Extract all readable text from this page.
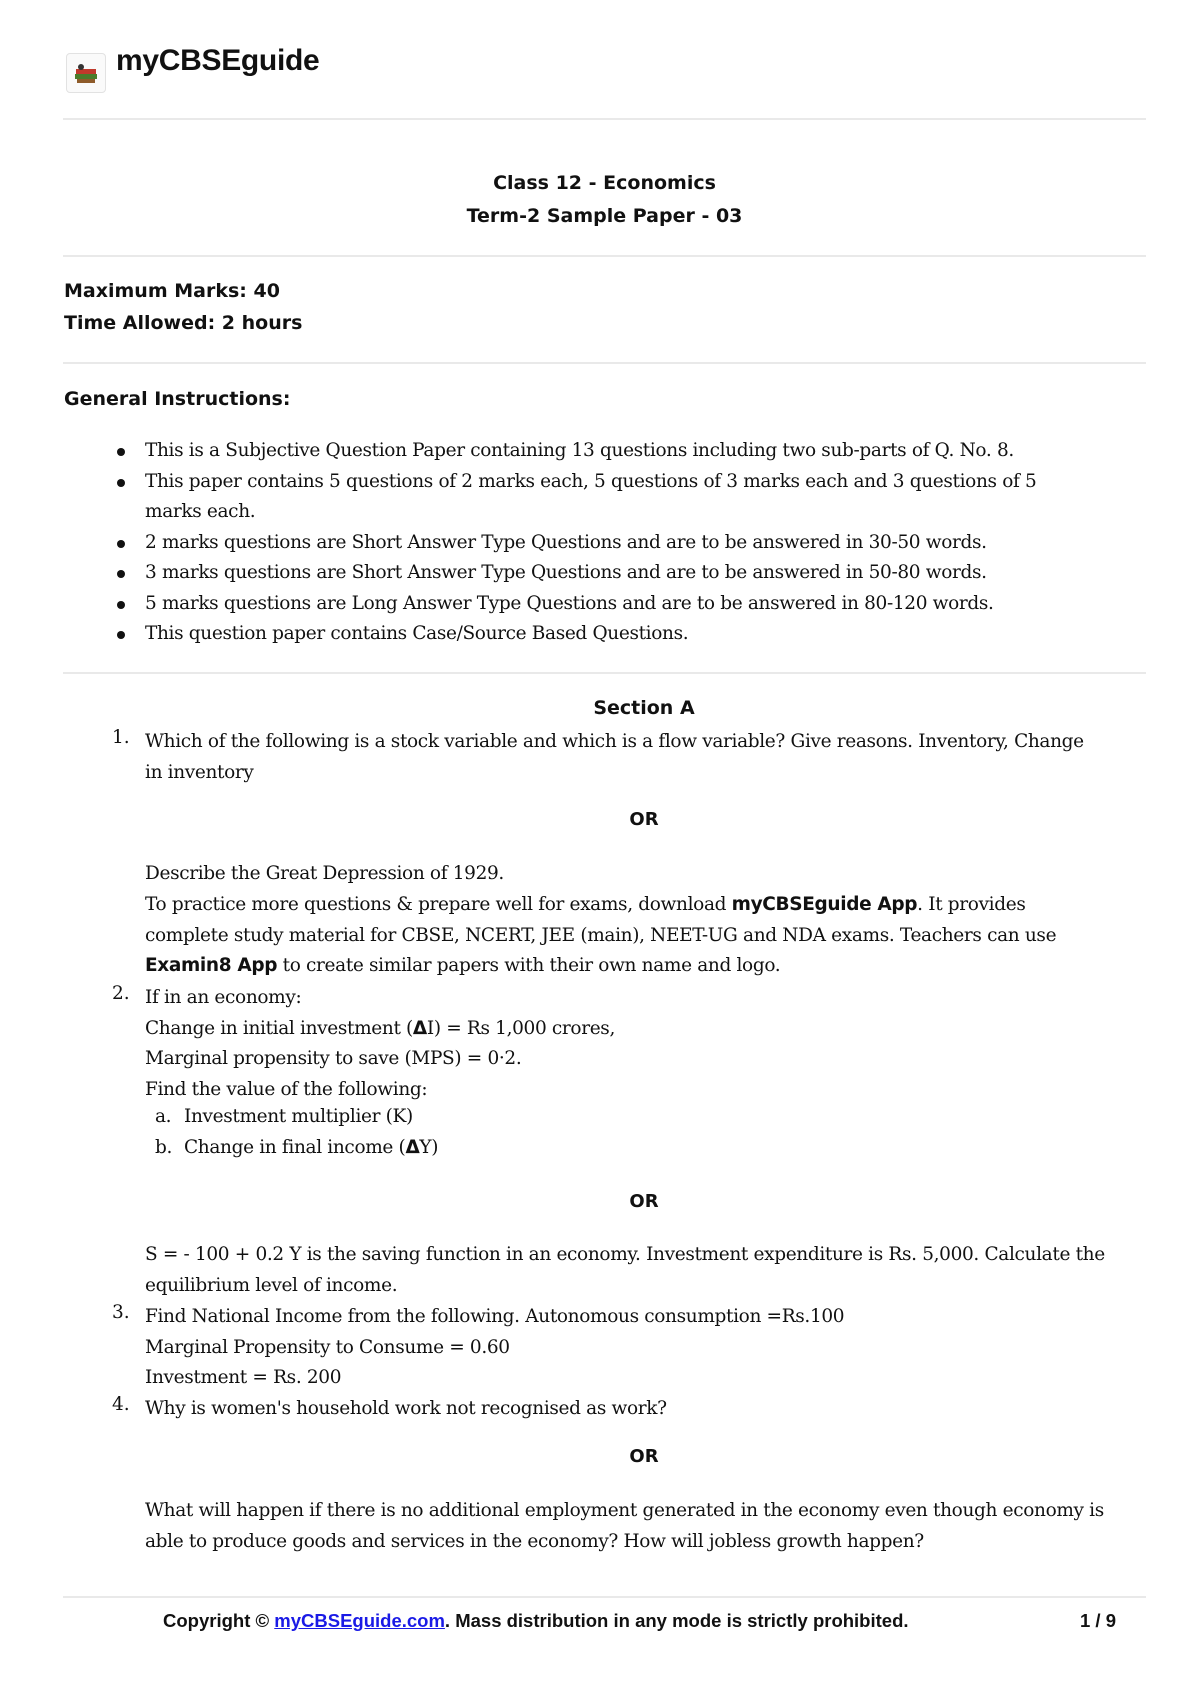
myCBSEguide
Class 12 - Economics
Term-2 Sample Paper - 03
Maximum Marks: 40
Time Allowed: 2 hours
General Instructions:
This is a Subjective Question Paper containing 13 questions including two sub-parts of Q. No. 8.
This paper contains 5 questions of 2 marks each, 5 questions of 3 marks each and 3 questions of 5 marks each.
2 marks questions are Short Answer Type Questions and are to be answered in 30-50 words.
3 marks questions are Short Answer Type Questions and are to be answered in 50-80 words.
5 marks questions are Long Answer Type Questions and are to be answered in 80-120 words.
This question paper contains Case/Source Based Questions.
Section A
1. Which of the following is a stock variable and which is a flow variable? Give reasons. Inventory, Change in inventory
OR
Describe the Great Depression of 1929.
To practice more questions & prepare well for exams, download myCBSEguide App. It provides complete study material for CBSE, NCERT, JEE (main), NEET-UG and NDA exams. Teachers can use Examin8 App to create similar papers with their own name and logo.
2. If in an economy:
Change in initial investment (ΔI) = Rs 1,000 crores,
Marginal propensity to save (MPS) = 0·2.
Find the value of the following:
a. Investment multiplier (K)
b. Change in final income (ΔY)
OR
S = - 100 + 0.2 Y is the saving function in an economy. Investment expenditure is Rs. 5,000. Calculate the equilibrium level of income.
3. Find National Income from the following. Autonomous consumption =Rs.100
Marginal Propensity to Consume = 0.60
Investment = Rs. 200
4. Why is women's household work not recognised as work?
OR
What will happen if there is no additional employment generated in the economy even though economy is able to produce goods and services in the economy? How will jobless growth happen?
Copyright © myCBSEguide.com. Mass distribution in any mode is strictly prohibited.	1 / 9
